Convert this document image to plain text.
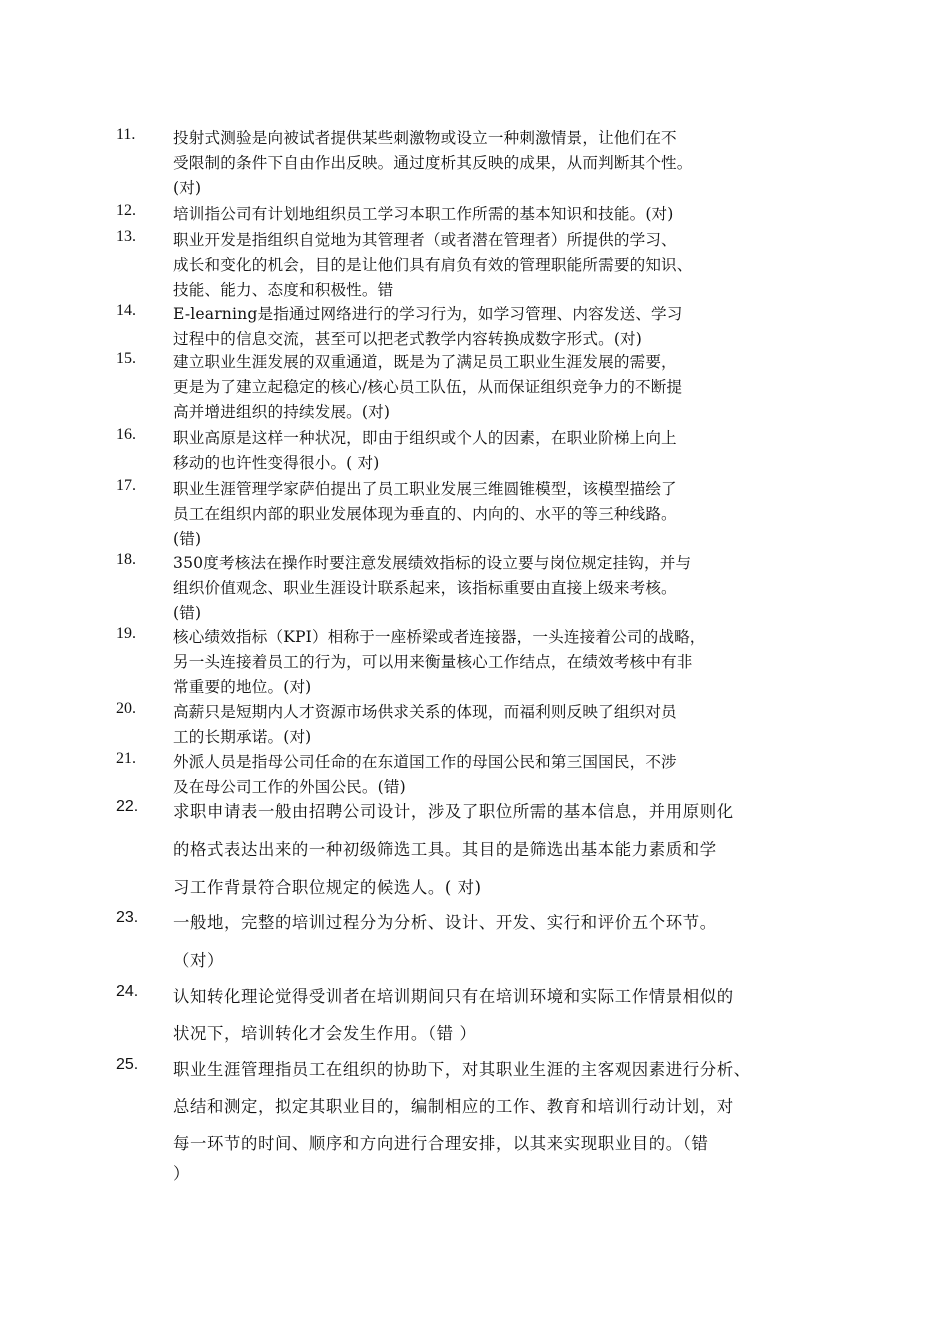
11. 投射式测验是向被试者提供某些刺激物或设立一种刺激情景，让他们在不
受限制的条件下自由作出反映。通过度析其反映的成果，从而判断其个性。
(对)
12. 培训指公司有计划地组织员工学习本职工作所需的基本知识和技能。(对)
13. 职业开发是指组织自觉地为其管理者（或者潜在管理者）所提供的学习、
成长和变化的机会，目的是让他们具有肩负有效的管理职能所需要的知识、
技能、能力、态度和积极性。错
14. E-learning是指通过网络进行的学习行为，如学习管理、内容发送、学习
过程中的信息交流，甚至可以把老式教学内容转换成数字形式。(对)
15. 建立职业生涯发展的双重通道，既是为了满足员工职业生涯发展的需要，
更是为了建立起稳定的核心/核心员工队伍，从而保证组织竞争力的不断提
高并增进组织的持续发展。(对)
16. 职业高原是这样一种状况，即由于组织或个人的因素，在职业阶梯上向上
移动的也许性变得很小。( 对)
17. 职业生涯管理学家萨伯提出了员工职业发展三维圆锥模型，该模型描绘了
员工在组织内部的职业发展体现为垂直的、内向的、水平的等三种线路。
(错)
18. 350度考核法在操作时要注意发展绩效指标的设立要与岗位规定挂钩，并与
组织价值观念、职业生涯设计联系起来，该指标重要由直接上级来考核。
(错)
19. 核心绩效指标（KPI）相称于一座桥梁或者连接器，一头连接着公司的战略，
另一头连接着员工的行为，可以用来衡量核心工作结点，在绩效考核中有非
常重要的地位。(对)
20. 高薪只是短期内人才资源市场供求关系的体现，而福利则反映了组织对员
工的长期承诺。(对)
21. 外派人员是指母公司任命的在东道国工作的母国公民和第三国国民，不涉
及在母公司工作的外国公民。(错)
22. 求职申请表一般由招聘公司设计，涉及了职位所需的基本信息，并用原则化
的格式表达出来的一种初级筛选工具。其目的是筛选出基本能力素质和学
习工作背景符合职位规定的候选人。( 对)
23. 一般地，完整的培训过程分为分析、设计、开发、实行和评价五个环节。
（对）
24. 认知转化理论觉得受训者在培训期间只有在培训环境和实际工作情景相似的
状况下，培训转化才会发生作用。（错 ）
25. 职业生涯管理指员工在组织的协助下，对其职业生涯的主客观因素进行分析、
总结和测定，拟定其职业目的，编制相应的工作、教育和培训行动计划，对
每一环节的时间、顺序和方向进行合理安排，以其来实现职业目的。（错
）
